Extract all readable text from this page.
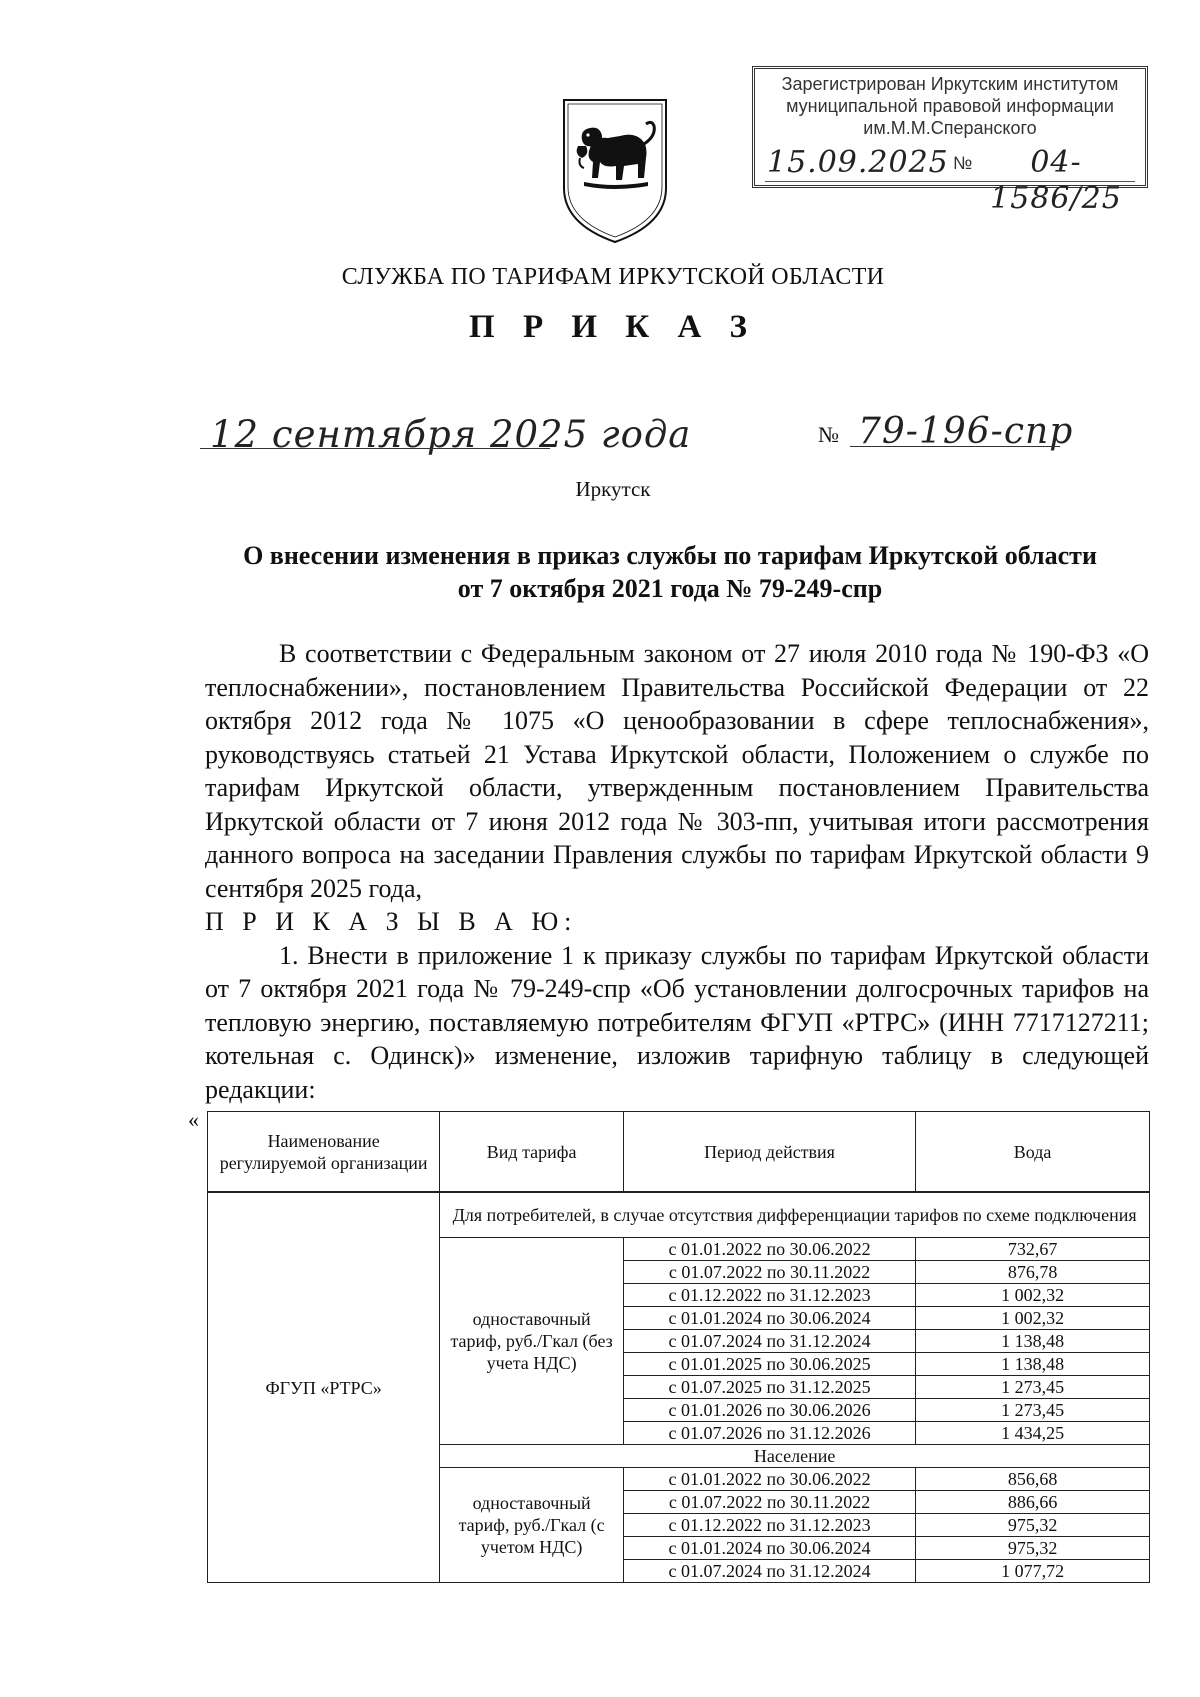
Зарегистрирован Иркутским институтом
муниципальной правовой информации
им.М.М.Сперанского
15.09.2025 №	04-1586/25
СЛУЖБА ПО ТАРИФАМ ИРКУТСКОЙ ОБЛАСТИ
П Р И К А З
12 сентября 2025 года	№ 79-196-спр
Иркутск
О внесении изменения в приказ службы по тарифам Иркутской области
от 7 октября 2021 года № 79-249-спр

В соответствии с Федеральным законом от 27 июля 2010 года № 190-ФЗ «О теплоснабжении», постановлением Правительства Российской Федерации от 22 октября 2012 года № 1075 «О ценообразовании в сфере теплоснабжения», руководствуясь статьей 21 Устава Иркутской области, Положением о службе по тарифам Иркутской области, утвержденным постановлением Правительства Иркутской области от 7 июня 2012 года № 303-пп, учитывая итоги рассмотрения данного вопроса на заседании Правления службы по тарифам Иркутской области 9 сентября 2025 года,

П Р И К А З Ы В А Ю:

1. Внести в приложение 1 к приказу службы по тарифам Иркутской области от 7 октября 2021 года № 79-249-спр «Об установлении долгосрочных тарифов на тепловую энергию, поставляемую потребителям ФГУП «РТРС» (ИНН 7717127211; котельная с. Одинск)» изменение, изложив тарифную таблицу в следующей редакции:

«
Наименование регулируемой организации	Вид тарифа	Период действия	Вода
ФГУП «РТРС»	Для потребителей, в случае отсутствия дифференциации тарифов по схеме подключения		
	одноставочный тариф, руб./Гкал (без учета НДС)	с 01.01.2022 по 30.06.2022	732,67
		с 01.07.2022 по 30.11.2022	876,78
		с 01.12.2022 по 31.12.2023	1 002,32
		с 01.01.2024 по 30.06.2024	1 002,32
		с 01.07.2024 по 31.12.2024	1 138,48
		с 01.01.2025 по 30.06.2025	1 138,48
		с 01.07.2025 по 31.12.2025	1 273,45
		с 01.01.2026 по 30.06.2026	1 273,45
		с 01.07.2026 по 31.12.2026	1 434,25
	Население		
	одноставочный тариф, руб./Гкал (с учетом НДС)	с 01.01.2022 по 30.06.2022	856,68
		с 01.07.2022 по 30.11.2022	886,66
		с 01.12.2022 по 31.12.2023	975,32
		с 01.01.2024 по 30.06.2024	975,32
		с 01.07.2024 по 31.12.2024	1 077,72
